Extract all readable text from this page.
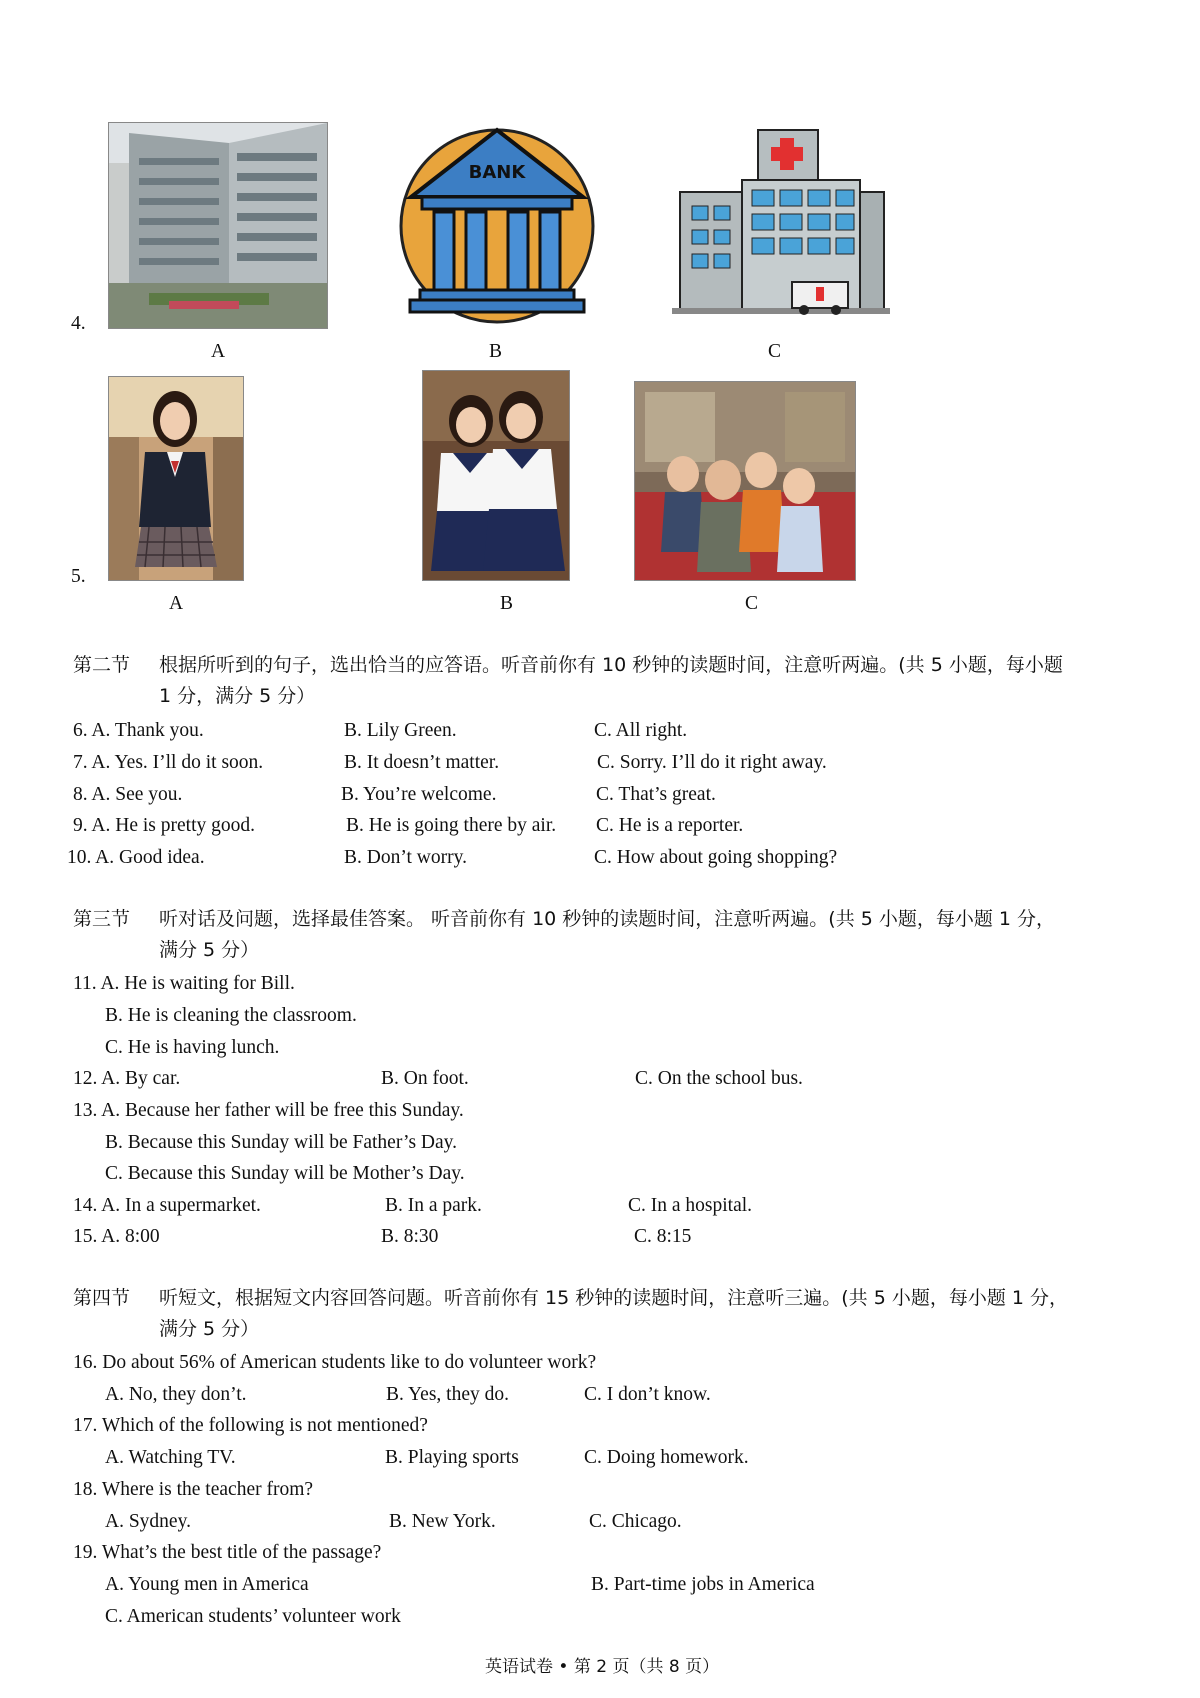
4.
A
BANK
B	C
5.
A	B	C
第二节 根据所听到的句子，选出恰当的应答语。听音前你有 10 秒钟的读题时间，注意听两遍。(共 5 小题，每小题
1 分，满分 5 分）
6. A. Thank you.	B. Lily Green.	C. All right.
7. A. Yes. I’ll do it soon.	B. It doesn’t matter.	C. Sorry. I’ll do it right away.
8. A. See you.	B. You’re welcome.	C. That’s great.
9. A. He is pretty good.	B. He is going there by air. C. He is a reporter.
10. A. Good idea.	B. Don’t worry.	C. How about going shopping?
第三节 听对话及问题，选择最佳答案。 听音前你有 10 秒钟的读题时间，注意听两遍。(共 5 小题，每小题 1 分，
满分 5 分）
11. A. He is waiting for Bill.
B. He is cleaning the classroom.
C. He is having lunch.
12. A. By car.	B. On foot.	C. On the school bus.
13. A. Because her father will be free this Sunday.
B. Because this Sunday will be Father’s Day.
C. Because this Sunday will be Mother’s Day.
14. A. In a supermarket.	B. In a park.	C. In a hospital.
15. A. 8:00	B. 8:30	C. 8:15
第四节 听短文，根据短文内容回答问题。听音前你有 15 秒钟的读题时间，注意听三遍。(共 5 小题，每小题 1 分，
满分 5 分）
16. Do about 56% of American students like to do volunteer work?
A. No, they don’t.	B. Yes, they do.	C. I don’t know.
17. Which of the following is not mentioned?
A. Watching TV.	B. Playing sports	C. Doing homework.
18. Where is the teacher from?
A. Sydney.	B. New York.	C. Chicago.
19. What’s the best title of the passage?
A. Young men in America	B. Part-time jobs in America
C. American students’ volunteer work
英语试卷 • 第 2 页（共 8 页）
